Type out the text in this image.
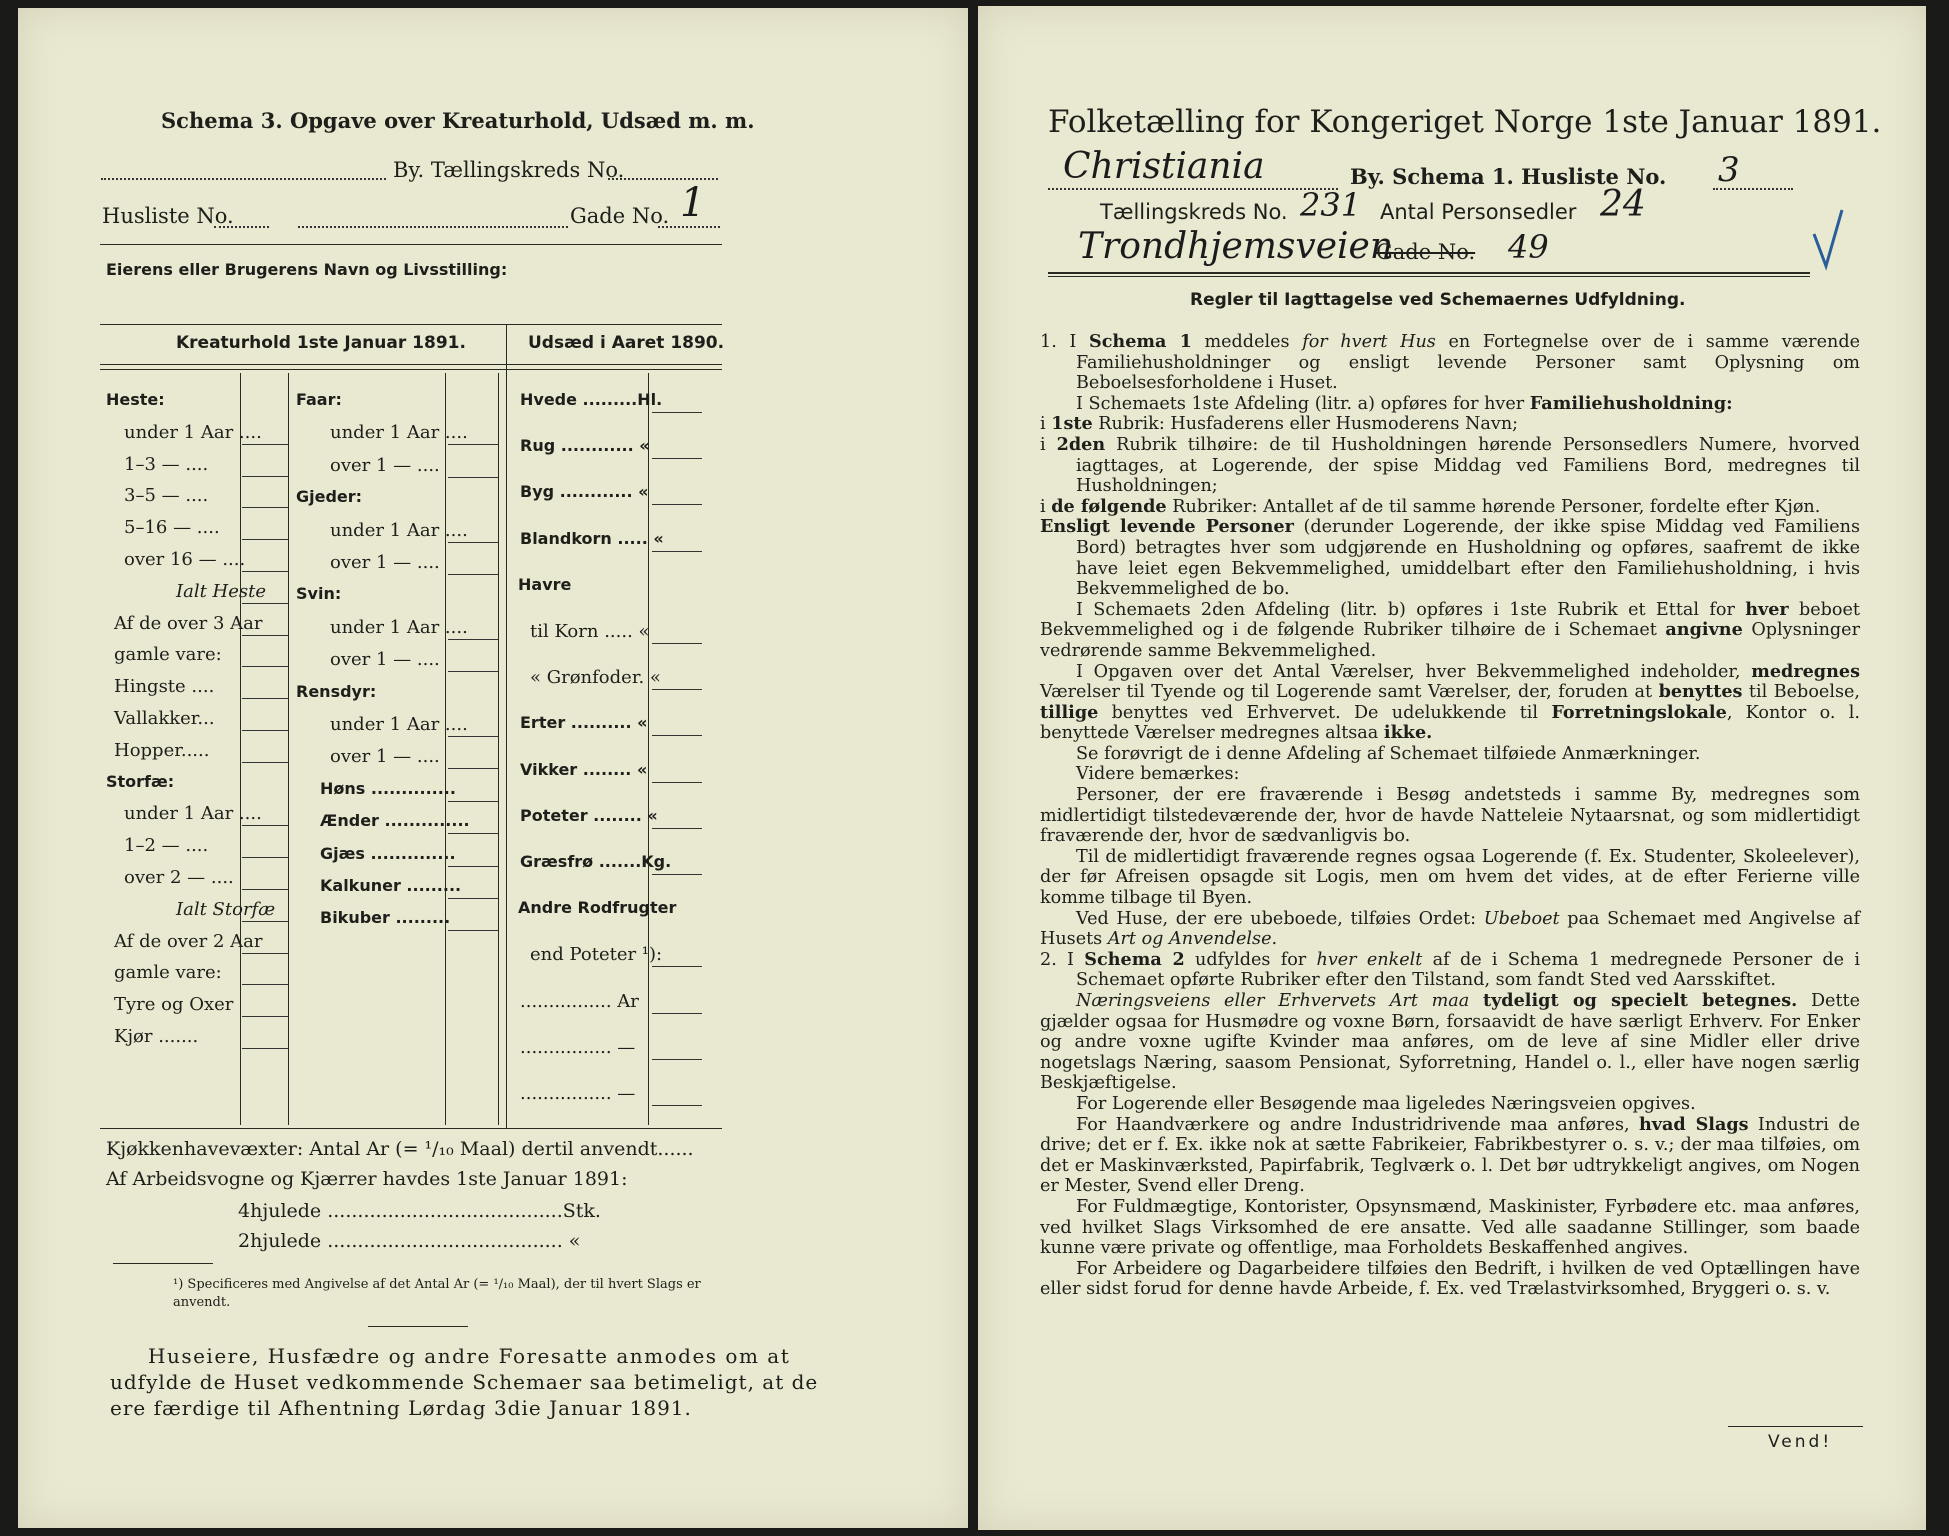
Schema 3. Opgave over Kreaturhold, Udsæd m. m.
By. Tællingskreds No.
Husliste No.	Gade No. 1
Eierens eller Brugerens Navn og Livsstilling:
Kreaturhold 1ste Januar 1891.	Udsæd i Aaret 1890.
Heste:
under 1 Aar ....
1–3 — ....
3–5 — ....
5–16 — ....
over 16 — ....
Ialt Heste
Af de over 3 Aar
gamle vare:
Hingste ....
Vallakker...
Hopper.....
Storfæ:
under 1 Aar ....
1–2 — ....
over 2 — ....
Ialt Storfæ
Af de over 2 Aar
gamle vare:
Tyre og Oxer
Kjør .......
Faar:
under 1 Aar ....
over 1 — ....
Gjeder:
under 1 Aar ....
over 1 — ....
Svin:
under 1 Aar ....
over 1 — ....
Rensdyr:
under 1 Aar ....
over 1 — ....
Høns ..............
Ænder ..............
Gjæs ..............
Kalkuner .........
Bikuber .........
Hvede .........Hl.
Rug ............ «
Byg ............ «
Blandkorn ..... «
Havre
til Korn ..... «
« Grønfoder. «
Erter .......... «
Vikker ........ «
Poteter ........ «
Græsfrø .......Kg.
Andre Rodfrugter
end Poteter ¹):
................ Ar
................ —
................ —
Kjøkkenhavevæxter: Antal Ar (= ¹/₁₀ Maal) dertil anvendt......
Af Arbeidsvogne og Kjærrer havdes 1ste Januar 1891:
4hjulede .......................................Stk.
2hjulede ....................................... «
¹) Specificeres med Angivelse af det Antal Ar (= ¹/₁₀ Maal), der til hvert Slags er anvendt.
Huseiere, Husfædre og andre Foresatte anmodes om at
udfylde de Huset vedkommende Schemaer saa betimeligt, at de
ere færdige til Afhentning Lørdag 3die Januar 1891.
Folketælling for Kongeriget Norge 1ste Januar 1891.
Christiania	By. Schema 1. Husliste No. 3
Tællingskreds No. 231 Antal Personsedler 24
Trondhjemsveien
Gade No. 49
Regler til Iagttagelse ved Schemaernes Udfyldning.

1. I Schema 1 meddeles for hvert Hus en Fortegnelse over de i samme værende Familiehusholdninger og ensligt levende Personer samt Oplysning om Beboelsesforholdene i Huset.

I Schemaets 1ste Afdeling (litr. a) opføres for hver Familiehusholdning:

i 1ste Rubrik: Husfaderens eller Husmoderens Navn;

i 2den Rubrik tilhøire: de til Husholdningen hørende Personsedlers Numere, hvorved iagttages, at Logerende, der spise Middag ved Familiens Bord, medregnes til Husholdningen;

i de følgende Rubriker: Antallet af de til samme hørende Personer, fordelte efter Kjøn.

Ensligt levende Personer (derunder Logerende, der ikke spise Middag ved Familiens Bord) betragtes hver som udgjørende en Husholdning og opføres, saafremt de ikke have leiet egen Bekvemmelighed, umiddelbart efter den Familiehusholdning, i hvis Bekvemmelighed de bo.

I Schemaets 2den Afdeling (litr. b) opføres i 1ste Rubrik et Ettal for hver beboet Bekvemmelighed og i de følgende Rubriker tilhøire de i Schemaet angivne Oplysninger vedrørende samme Bekvemmelighed.

I Opgaven over det Antal Værelser, hver Bekvemmelighed indeholder, medregnes Værelser til Tyende og til Logerende samt Værelser, der, foruden at benyttes til Beboelse, tillige benyttes ved Erhvervet. De udelukkende til Forretningslokale, Kontor o. l. benyttede Værelser medregnes altsaa ikke.

Se forøvrigt de i denne Afdeling af Schemaet tilføiede Anmærkninger.

Videre bemærkes:

Personer, der ere fraværende i Besøg andetsteds i samme By, medregnes som midlertidigt tilstedeværende der, hvor de havde Natteleie Nytaarsnat, og som midlertidigt fraværende der, hvor de sædvanligvis bo.

Til de midlertidigt fraværende regnes ogsaa Logerende (f. Ex. Studenter, Skoleelever), der før Afreisen opsagde sit Logis, men om hvem det vides, at de efter Ferierne ville komme tilbage til Byen.

Ved Huse, der ere ubeboede, tilføies Ordet: Ubeboet paa Schemaet med Angivelse af Husets Art og Anvendelse.

2. I Schema 2 udfyldes for hver enkelt af de i Schema 1 medregnede Personer de i Schemaet opførte Rubriker efter den Tilstand, som fandt Sted ved Aarsskiftet.

Næringsveiens eller Erhvervets Art maa tydeligt og specielt betegnes. Dette gjælder ogsaa for Husmødre og voxne Børn, forsaavidt de have særligt Erhverv. For Enker og andre voxne ugifte Kvinder maa anføres, om de leve af sine Midler eller drive nogetslags Næring, saasom Pensionat, Syforretning, Handel o. l., eller have nogen særlig Beskjæftigelse.

For Logerende eller Besøgende maa ligeledes Næringsveien opgives.

For Haandværkere og andre Industridrivende maa anføres, hvad Slags Industri de drive; det er f. Ex. ikke nok at sætte Fabrikeier, Fabrikbestyrer o. s. v.; der maa tilføies, om det er Maskinværksted, Papirfabrik, Teglværk o. l. Det bør udtrykkeligt angives, om Nogen er Mester, Svend eller Dreng.

For Fuldmægtige, Kontorister, Opsynsmænd, Maskinister, Fyrbødere etc. maa anføres, ved hvilket Slags Virksomhed de ere ansatte. Ved alle saadanne Stillinger, som baade kunne være private og offentlige, maa Forholdets Beskaffenhed angives.

For Arbeidere og Dagarbeidere tilføies den Bedrift, i hvilken de ved Optællingen have eller sidst forud for denne havde Arbeide, f. Ex. ved Trælastvirksomhed, Bryggeri o. s. v.

Vend!
